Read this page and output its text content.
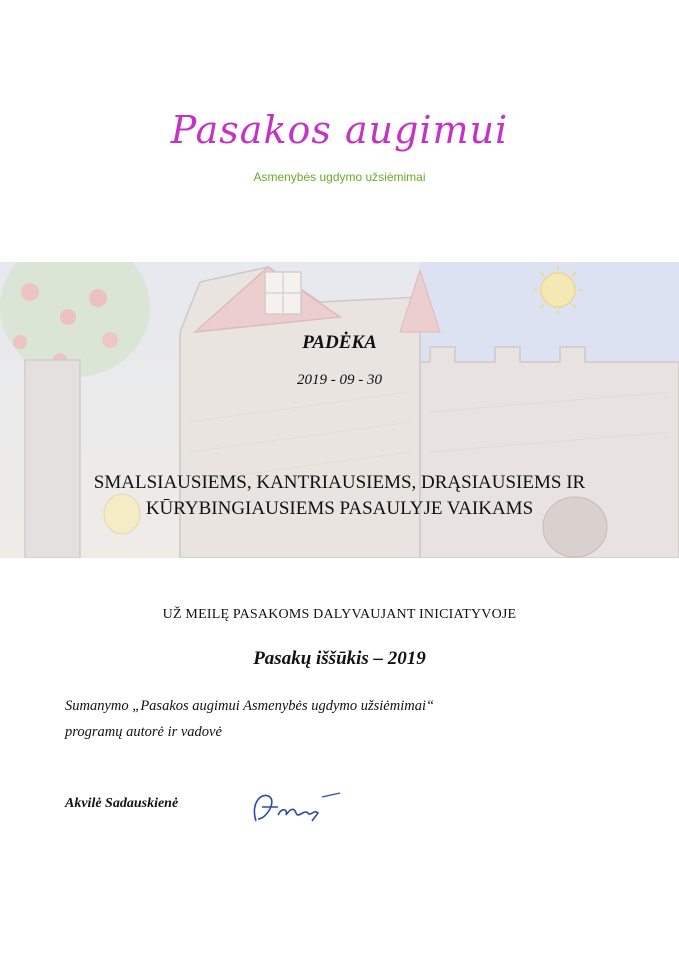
Pasakos augimui
Asmenybės ugdymo užsiėmimai
PADĖKA
2019 - 09 - 30
SMALSIAUSIEMS, KANTRIAUSIEMS, DRĄSIAUSIEMS IR
KŪRYBINGIAUSIEMS PASAULYJE VAIKAMS
UŽ MEILĘ PASAKOMS DALYVAUJANT INICIATYVOJE
Pasakų iššūkis – 2019
Sumanymo „Pasakos augimui Asmenybės ugdymo užsiėmimai“
programų autorė ir vadovė
Akvilė Sadauskienė
